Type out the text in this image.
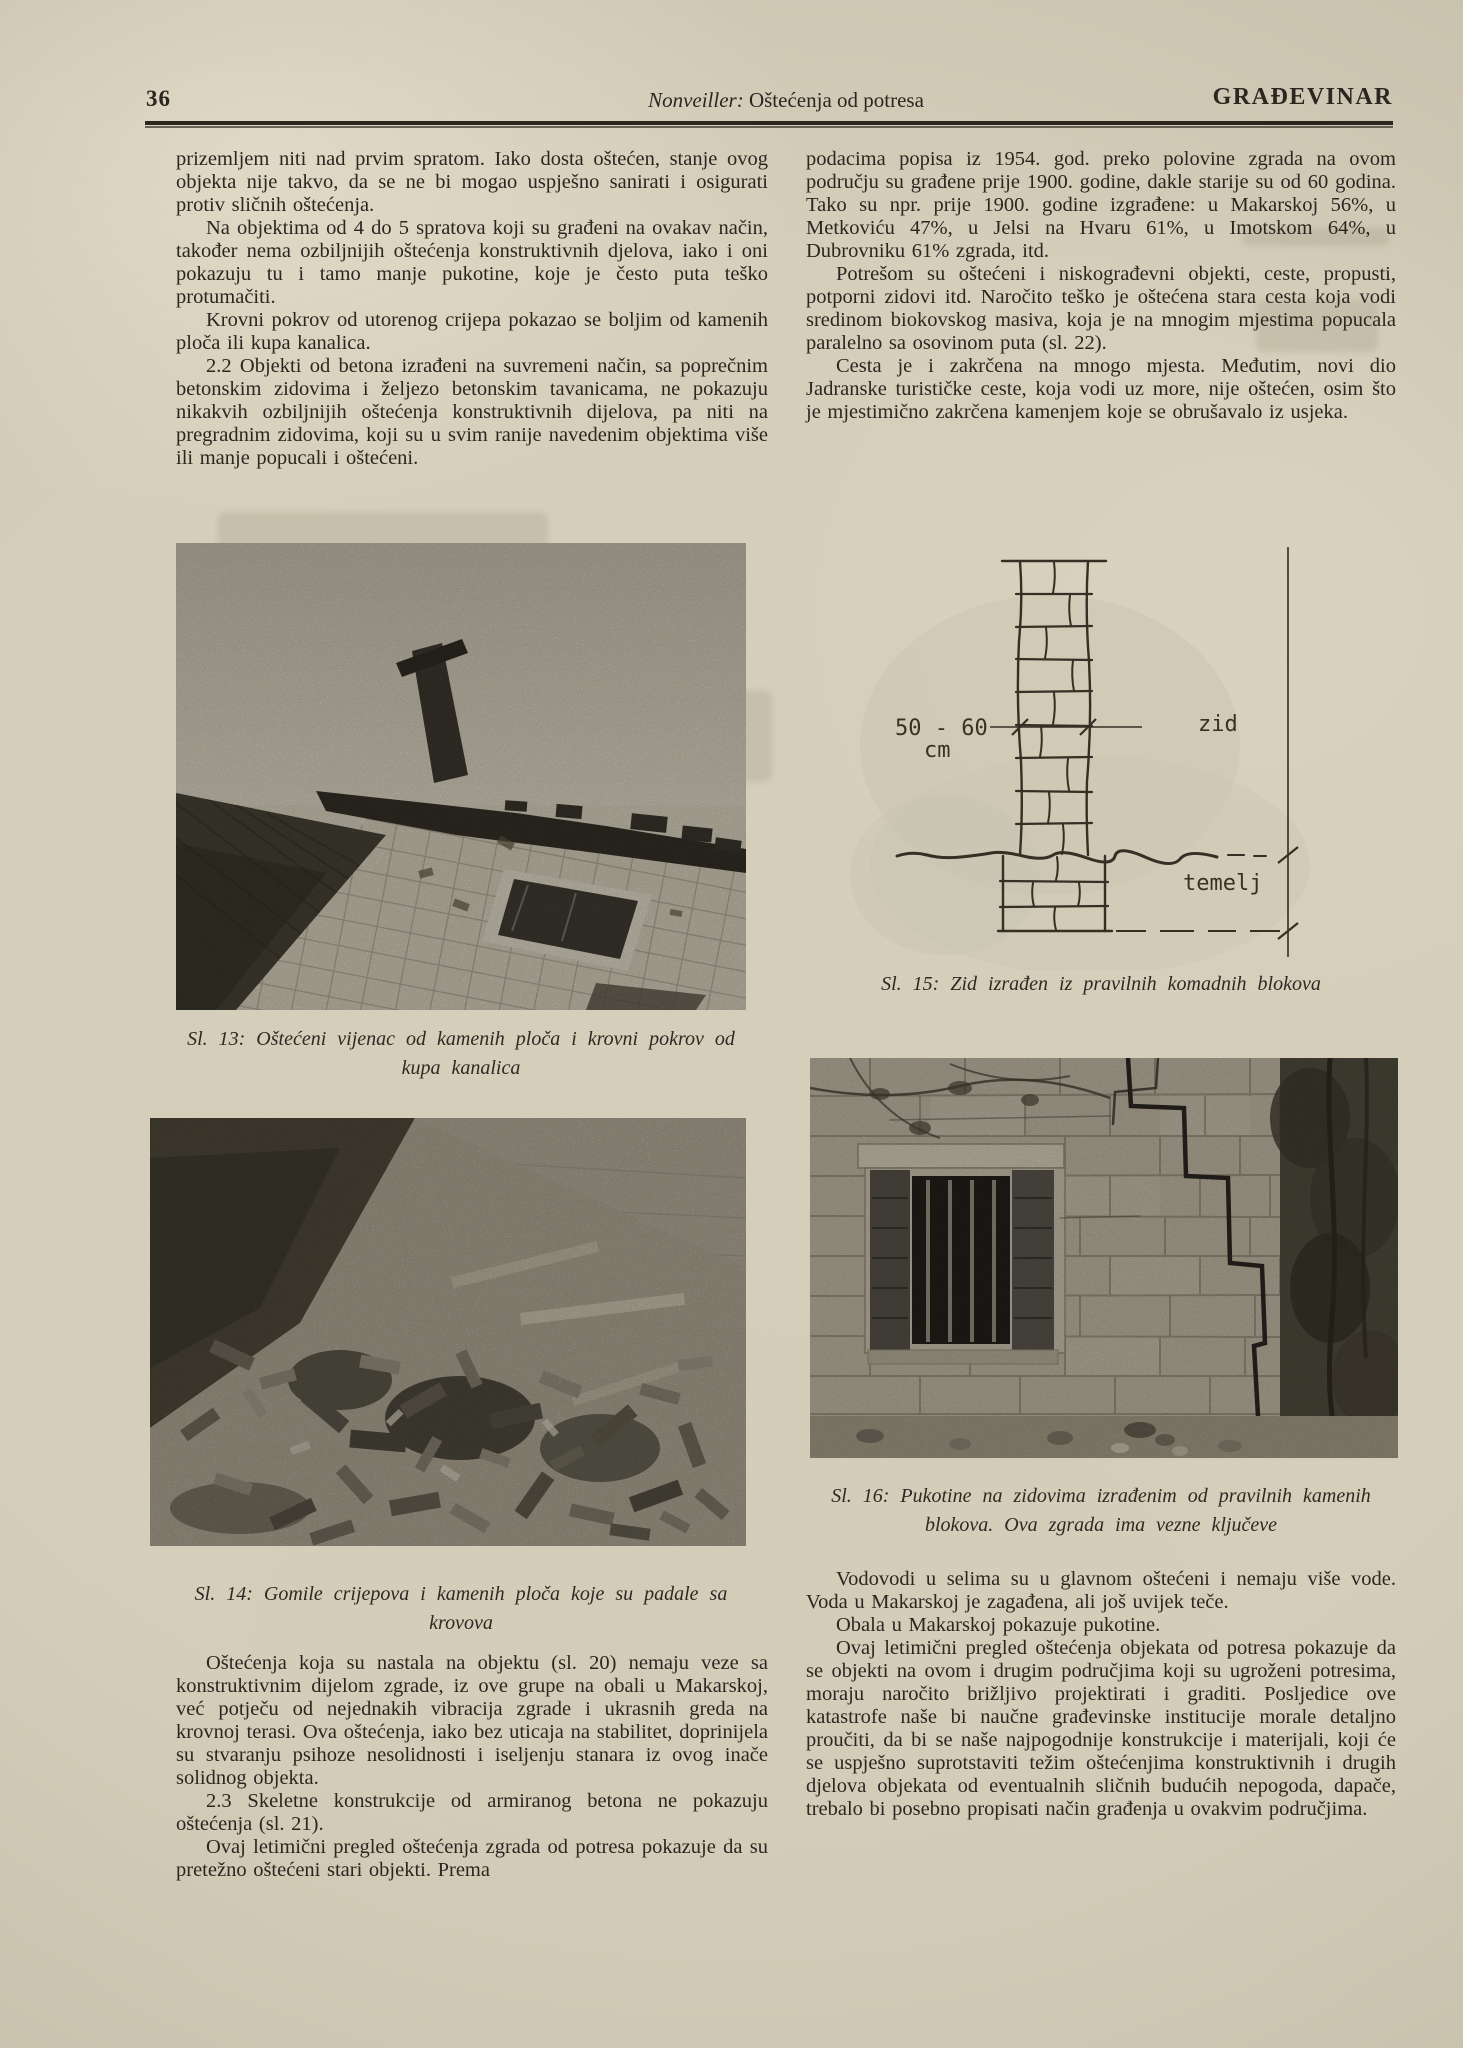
36	Nonveiller: Oštećenja od potresa	GRAĐEVINAR

prizemljem niti nad prvim spratom. Iako dosta oštećen, stanje ovog objekta nije takvo, da se ne bi mogao uspješno sanirati i osigurati protiv sličnih oštećenja.

Na objektima od 4 do 5 spratova koji su građeni na ovakav način, također nema ozbiljnijih oštećenja konstruktivnih djelova, iako i oni pokazuju tu i tamo manje pukotine, koje je često puta teško protumačiti.

Krovni pokrov od utorenog crijepa pokazao se boljim od kamenih ploča ili kupa kanalica.

2.2 Objekti od betona izrađeni na suvremeni način, sa poprečnim betonskim zidovima i željezo betonskim tavanicama, ne pokazuju nikakvih ozbiljnijih oštećenja konstruktivnih dijelova, pa niti na pregradnim zidovima, koji su u svim ranije navedenim objektima više ili manje popucali i oštećeni.

Sl. 13: Oštećeni vijenac od kamenih ploča i krovni pokrov od kupa kanalica
Sl. 14: Gomile crijepova i kamenih ploča koje su padale sa krovova

Oštećenja koja su nastala na objektu (sl. 20) nemaju veze sa konstruktivnim dijelom zgrade, iz ove grupe na obali u Makarskoj, već potječu od nejednakih vibracija zgrade i ukrasnih greda na krovnoj terasi. Ova oštećenja, iako bez uticaja na stabilitet, doprinijela su stvaranju psihoze nesolidnosti i iseljenju stanara iz ovog inače solidnog objekta.

2.3 Skeletne konstrukcije od armiranog betona ne pokazuju oštećenja (sl. 21).

Ovaj letimični pregled oštećenja zgrada od potresa pokazuje da su pretežno oštećeni stari objekti. Prema

podacima popisa iz 1954. god. preko polovine zgrada na ovom području su građene prije 1900. godine, dakle starije su od 60 godina. Tako su npr. prije 1900. godine izgrađene: u Makarskoj 56%, u Metkoviću 47%, u Jelsi na Hvaru 61%, u Imotskom 64%, u Dubrovniku 61% zgrada, itd.

Potrešom su oštećeni i niskograđevni objekti, ceste, propusti, potporni zidovi itd. Naročito teško je oštećena stara cesta koja vodi sredinom biokovskog masiva, koja je na mnogim mjestima popucala paralelno sa osovinom puta (sl. 22).

Cesta je i zakrčena na mnogo mjesta. Međutim, novi dio Jadranske turističke ceste, koja vodi uz more, nije oštećen, osim što je mjestimično zakrčena kamenjem koje se obrušavalo iz usjeka.

50 - 60
cm
zid
temelj
Sl. 15: Zid izrađen iz pravilnih komadnih blokova
Sl. 16: Pukotine na zidovima izrađenim od pravilnih kamenih blokova. Ova zgrada ima vezne ključeve

Vodovodi u selima su u glavnom oštećeni i nemaju više vode. Voda u Makarskoj je zagađena, ali još uvijek teče.

Obala u Makarskoj pokazuje pukotine.

Ovaj letimični pregled oštećenja objekata od potresa pokazuje da se objekti na ovom i drugim područjima koji su ugroženi potresima, moraju naročito brižljivo projektirati i graditi. Posljedice ove katastrofe naše bi naučne građevinske institucije morale detaljno proučiti, da bi se naše najpogodnije konstrukcije i materijali, koji će se uspješno suprotstaviti težim oštećenjima konstruktivnih i drugih djelova objekata od eventualnih sličnih budućih nepogoda, dapače, trebalo bi posebno propisati način građenja u ovakvim područjima.
